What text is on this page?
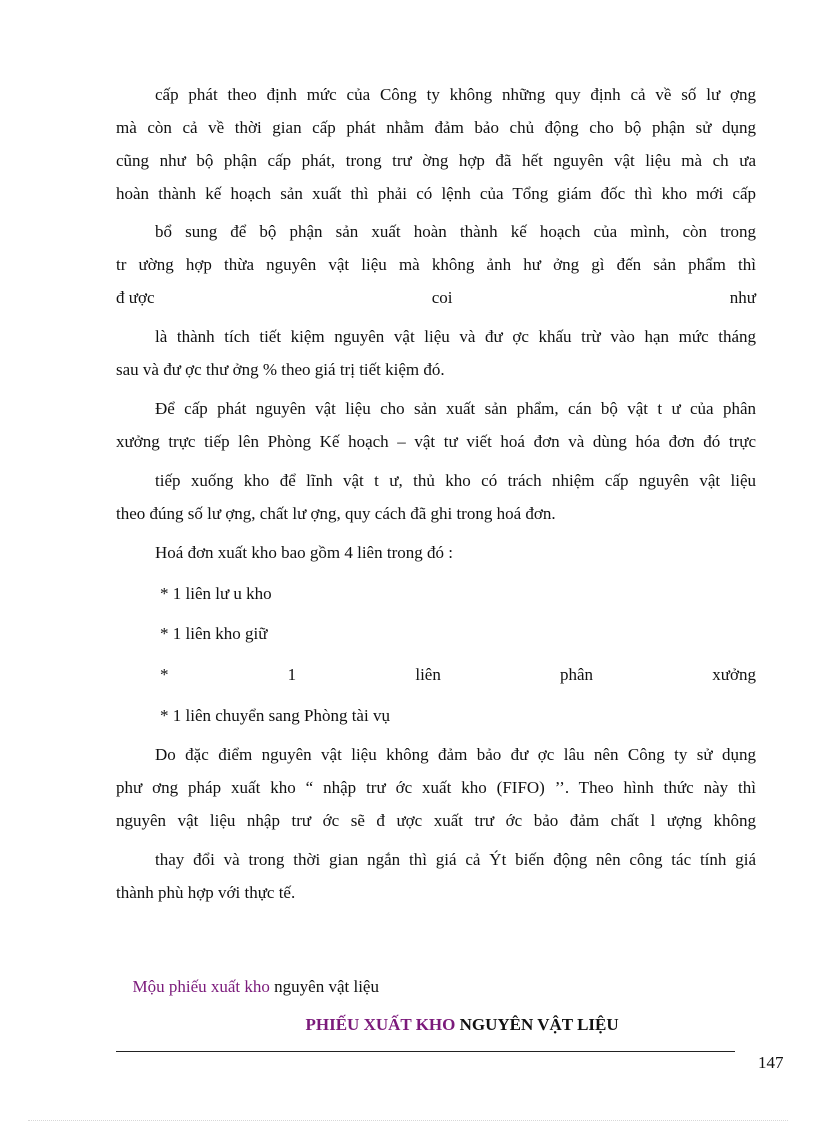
cấp phát theo định mức của Công ty không những quy định cả về số lư ợng
mà còn cả về thời gian cấp phát nhằm đảm bảo chủ động cho bộ phận sử dụng
cũng như bộ phận cấp phát, trong trư ờng hợp đã hết nguyên vật liệu mà ch ưa
hoàn thành kế hoạch sản xuất thì phải có lệnh của Tổng giám đốc thì kho mới cấp
bổ sung để bộ phận sản xuất hoàn thành kế hoạch của mình, còn trong
tr ường hợp thừa nguyên vật liệu mà không ảnh hư ởng gì đến sản phẩm thì
đ ược	coi	như
là thành tích tiết kiệm nguyên vật liệu và đư ợc khấu trừ vào hạn mức tháng
sau và đư ợc thư ởng % theo giá trị tiết kiệm đó.
Để cấp phát nguyên vật liệu cho sản xuất sản phẩm, cán bộ vật t ư của phân
xưởng trực tiếp lên Phòng Kế hoạch – vật tư viết hoá đơn và dùng hóa đơn đó trực
tiếp xuống kho để lĩnh vật t ư, thủ kho có trách nhiệm cấp nguyên vật liệu
theo đúng số lư ợng, chất lư ợng, quy cách đã ghi trong hoá đơn.
Hoá đơn xuất kho bao gồm 4 liên trong đó :
* 1 liên lư u kho
* 1 liên kho giữ
*	1	liên	phân	xưởng
* 1 liên chuyển sang Phòng tài vụ
Do đặc điểm nguyên vật liệu không đảm bảo đư ợc lâu nên Công ty sử dụng
phư ơng pháp xuất kho “ nhập trư ớc xuất kho (FIFO) ’’. Theo hình thức này thì
nguyên vật liệu nhập trư ớc sẽ đ ược xuất trư ớc bảo đảm chất l ượng không
thay đổi và trong thời gian ngắn thì giá cả Ýt biến động nên công tác tính giá
thành phù hợp với thực tế.

Mộu phiếu xuất kho nguyên vật liệu

PHIẾU XUẤT KHO NGUYÊN VẬT LIỆU

147
